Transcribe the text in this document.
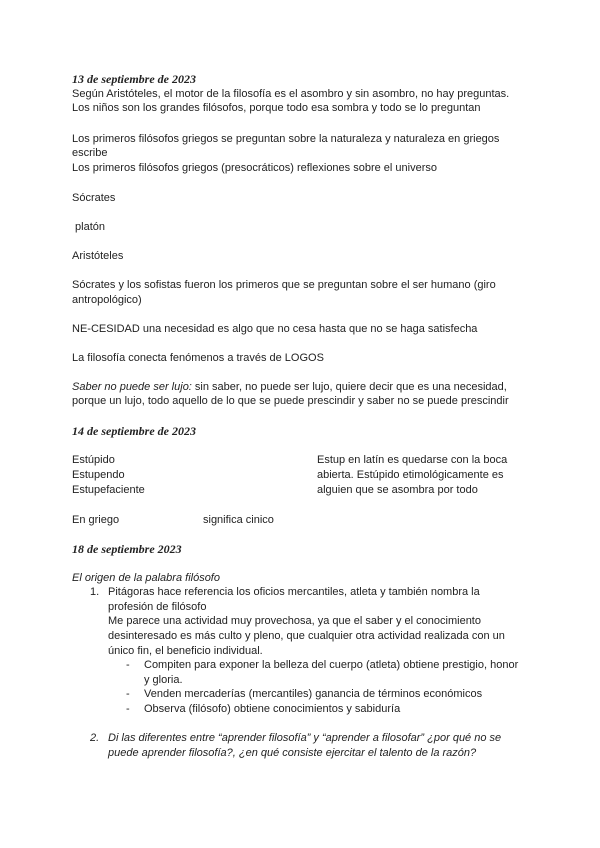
13 de septiembre de 2023
Según Aristóteles, el motor de la filosofía es el asombro y sin asombro, no hay preguntas.
Los niños son los grandes filósofos, porque todo esa sombra y todo se lo preguntan
Los primeros filósofos griegos se preguntan sobre la naturaleza y naturaleza en griegos
escribe
Los primeros filósofos griegos (presocráticos) reflexiones sobre el universo
Sócrates
platón
Aristóteles
Sócrates y los sofistas fueron los primeros que se preguntan sobre el ser humano (giro
antropológico)
NE-CESIDAD una necesidad es algo que no cesa hasta que no se haga satisfecha
La filosofía conecta fenómenos a través de LOGOS
Saber no puede ser lujo: sin saber, no puede ser lujo, quiere decir que es una necesidad,
porque un lujo, todo aquello de lo que se puede prescindir y saber no se puede prescindir
14 de septiembre de 2023
Estúpido
Estupendo
Estupefaciente
Estup en latín es quedarse con la boca
abierta. Estúpido etimológicamente es
alguien que se asombra por todo
En griego	significa cinico
18 de septiembre 2023
El origen de la palabra filósofo
1. Pitágoras hace referencia los oficios mercantiles, atleta y también nombra la
profesión de filósofo
Me parece una actividad muy provechosa, ya que el saber y el conocimiento
desinteresado es más culto y pleno, que cualquier otra actividad realizada con un
único fin, el beneficio individual.
- Compiten para exponer la belleza del cuerpo (atleta) obtiene prestigio, honor
y gloria.
- Venden mercaderías (mercantiles) ganancia de términos económicos
- Observa (filósofo) obtiene conocimientos y sabiduría
2. Di las diferentes entre “aprender filosofía” y “aprender a filosofar” ¿por qué no se
puede aprender filosofía?, ¿en qué consiste ejercitar el talento de la razón?
